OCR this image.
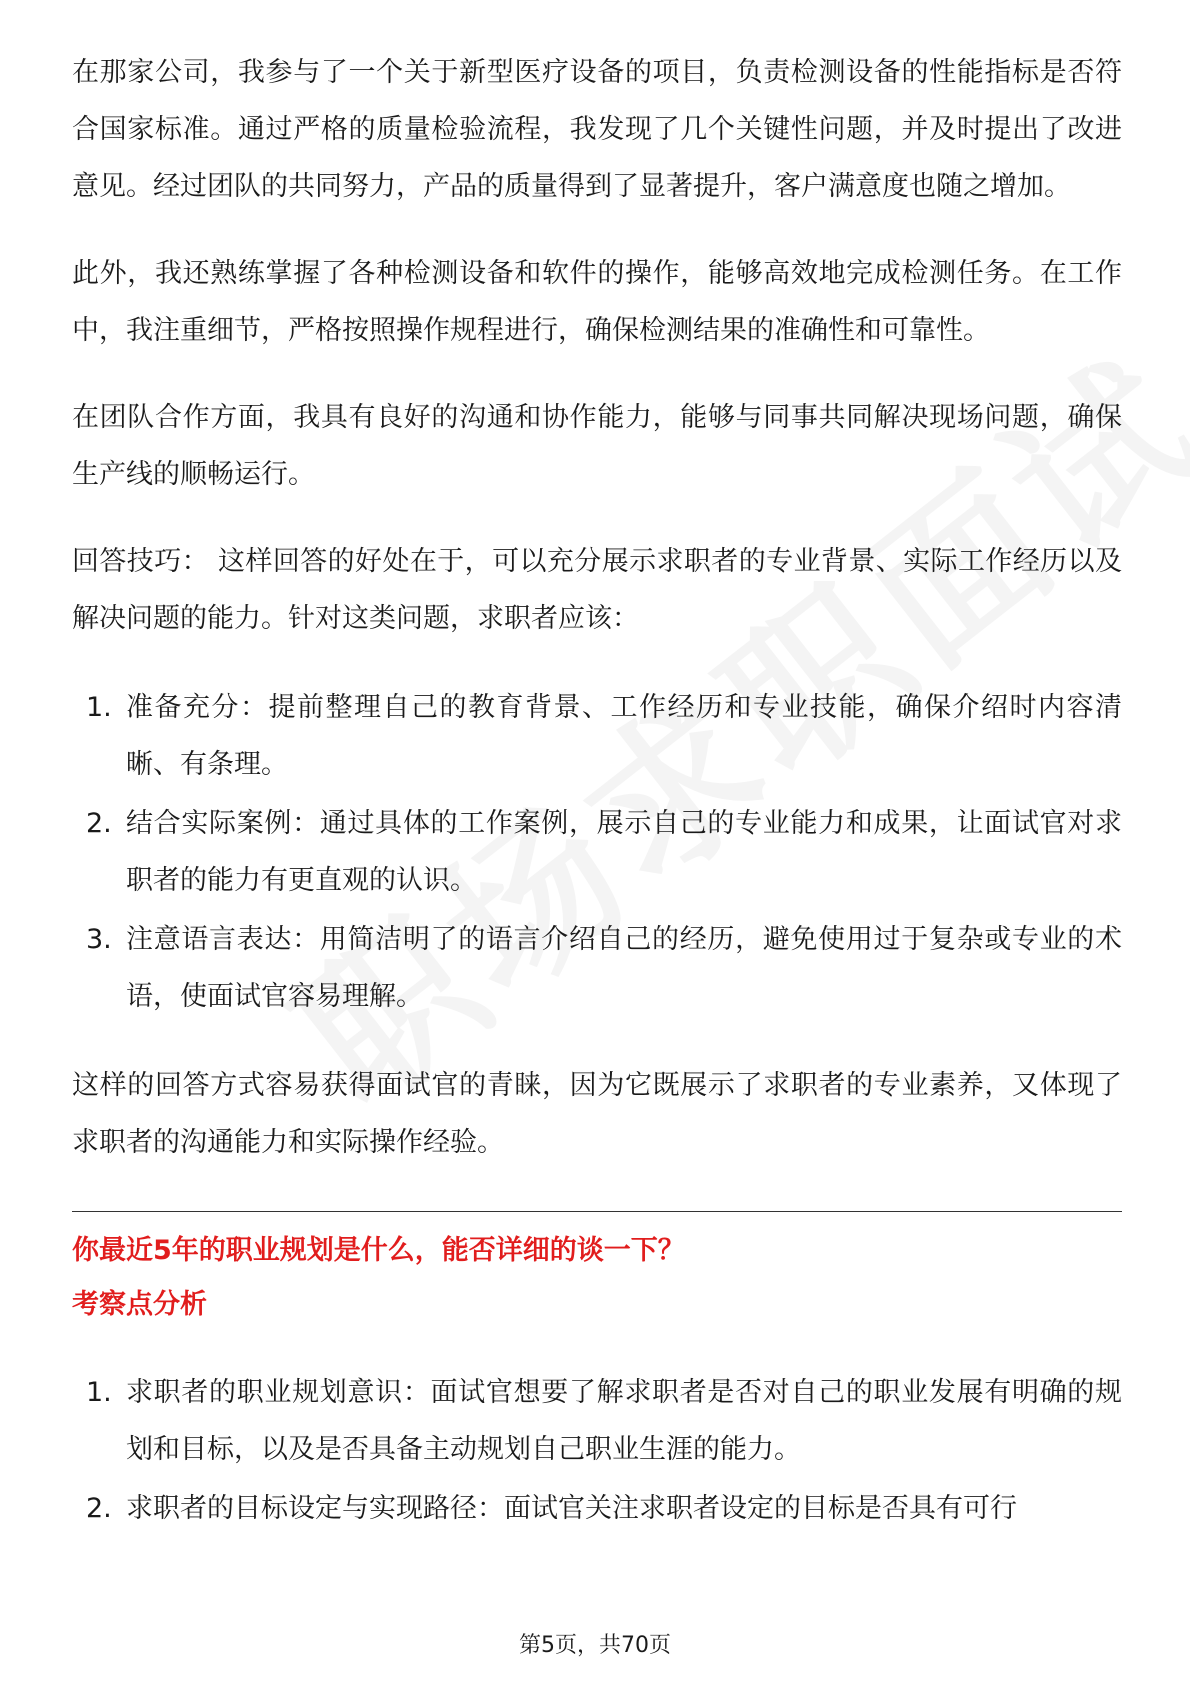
在那家公司，我参与了一个关于新型医疗设备的项目，负责检测设备的性能指标是否符合国家标准。通过严格的质量检验流程，我发现了几个关键性问题，并及时提出了改进意见。经过团队的共同努力，产品的质量得到了显著提升，客户满意度也随之增加。

此外，我还熟练掌握了各种检测设备和软件的操作，能够高效地完成检测任务。在工作中，我注重细节，严格按照操作规程进行，确保检测结果的准确性和可靠性。

在团队合作方面，我具有良好的沟通和协作能力，能够与同事共同解决现场问题，确保生产线的顺畅运行。

回答技巧： 这样回答的好处在于，可以充分展示求职者的专业背景、实际工作经历以及解决问题的能力。针对这类问题，求职者应该：

1. 准备充分：提前整理自己的教育背景、工作经历和专业技能，确保介绍时内容清晰、有条理。
2. 结合实际案例：通过具体的工作案例，展示自己的专业能力和成果，让面试官对求职者的能力有更直观的认识。
3. 注意语言表达：用简洁明了的语言介绍自己的经历，避免使用过于复杂或专业的术语，使面试官容易理解。

这样的回答方式容易获得面试官的青睐，因为它既展示了求职者的专业素养，又体现了求职者的沟通能力和实际操作经验。

你最近5年的职业规划是什么，能否详细的谈一下？

考察点分析

1. 求职者的职业规划意识：面试官想要了解求职者是否对自己的职业发展有明确的规划和目标，以及是否具备主动规划自己职业生涯的能力。
2. 求职者的目标设定与实现路径：面试官关注求职者设定的目标是否具有可行
第5页，共70页
